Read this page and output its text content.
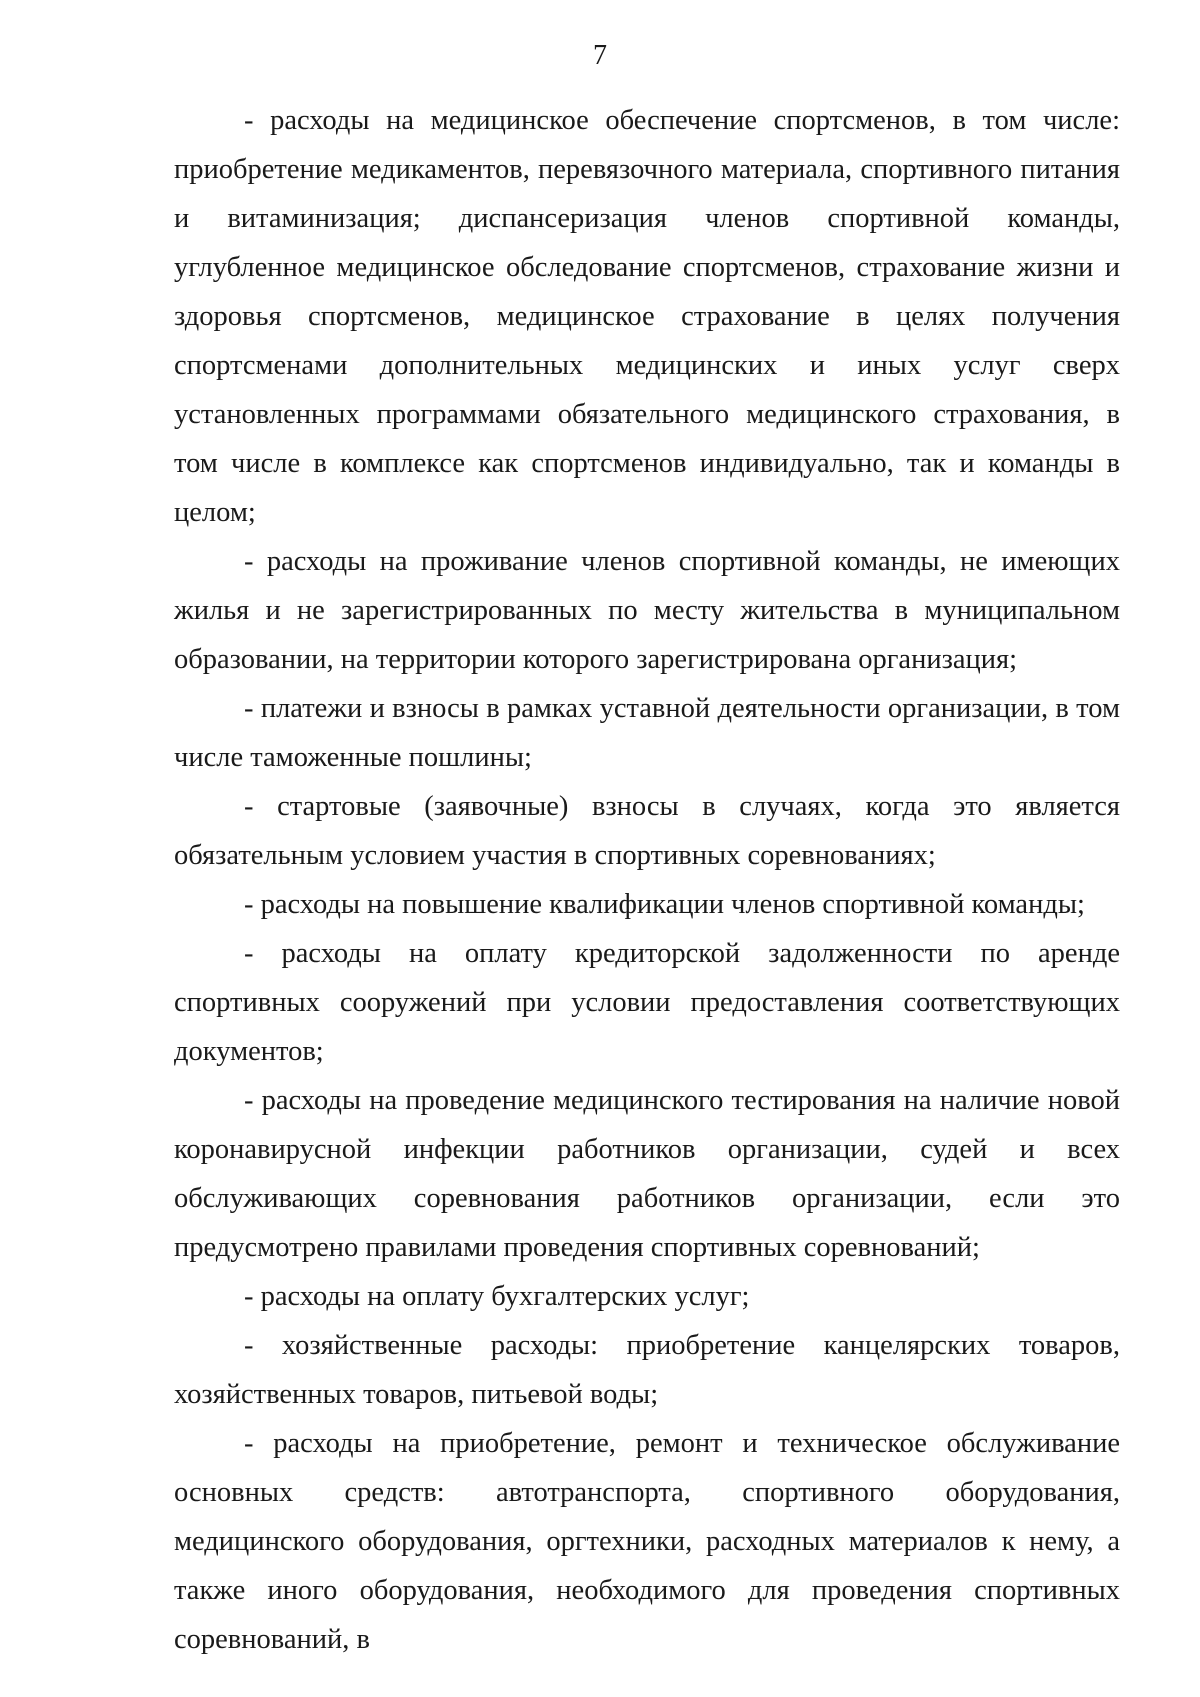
7

- расходы на медицинское обеспечение спортсменов, в том числе: приобретение медикаментов, перевязочного материала, спортивного питания и витаминизация; диспансеризация членов спортивной команды, углубленное медицинское обследование спортсменов, страхование жизни и здоровья спортсменов, медицинское страхование в целях получения спортсменами дополнительных медицинских и иных услуг сверх установленных программами обязательного медицинского страхования, в том числе в комплексе как спортсменов индивидуально, так и команды в целом;

- расходы на проживание членов спортивной команды, не имеющих жилья и не зарегистрированных по месту жительства в муниципальном образовании, на территории которого зарегистрирована организация;

- платежи и взносы в рамках уставной деятельности организации, в том числе таможенные пошлины;

- стартовые (заявочные) взносы в случаях, когда это является обязательным условием участия в спортивных соревнованиях;

- расходы на повышение квалификации членов спортивной команды;

- расходы на оплату кредиторской задолженности по аренде спортивных сооружений при условии предоставления соответствующих документов;

- расходы на проведение медицинского тестирования на наличие новой коронавирусной инфекции работников организации, судей и всех обслуживающих соревнования работников организации, если это предусмотрено правилами проведения спортивных соревнований;

- расходы на оплату бухгалтерских услуг;

- хозяйственные расходы: приобретение канцелярских товаров, хозяйственных товаров, питьевой воды;

- расходы на приобретение, ремонт и техническое обслуживание основных средств: автотранспорта, спортивного оборудования, медицинского оборудования, оргтехники, расходных материалов к нему, а также иного оборудования, необходимого для проведения спортивных соревнований, в
